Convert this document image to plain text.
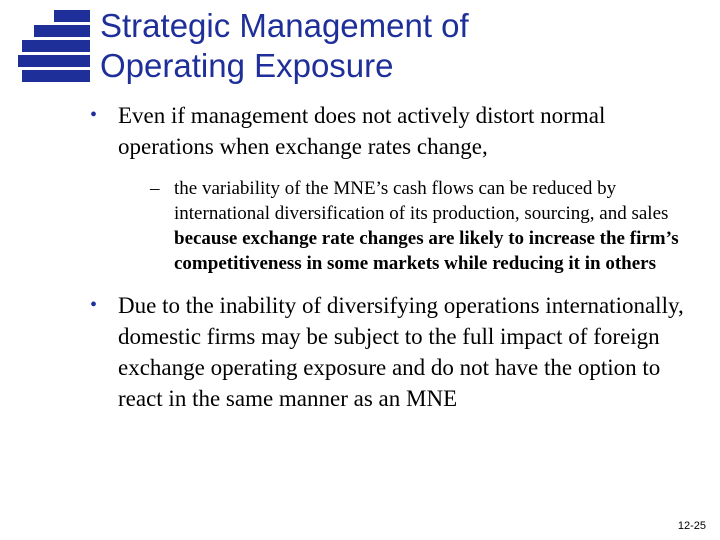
Strategic Management of
Operating Exposure
• Even if management does not actively distort normal operations when exchange rates change,
– the variability of the MNE’s cash flows can be reduced by international diversification of its production, sourcing, and sales because exchange rate changes are likely to increase the firm’s competitiveness in some markets while reducing it in others
• Due to the inability of diversifying operations internationally, domestic firms may be subject to the full impact of foreign exchange operating exposure and do not have the option to react in the same manner as an MNE
12-25
